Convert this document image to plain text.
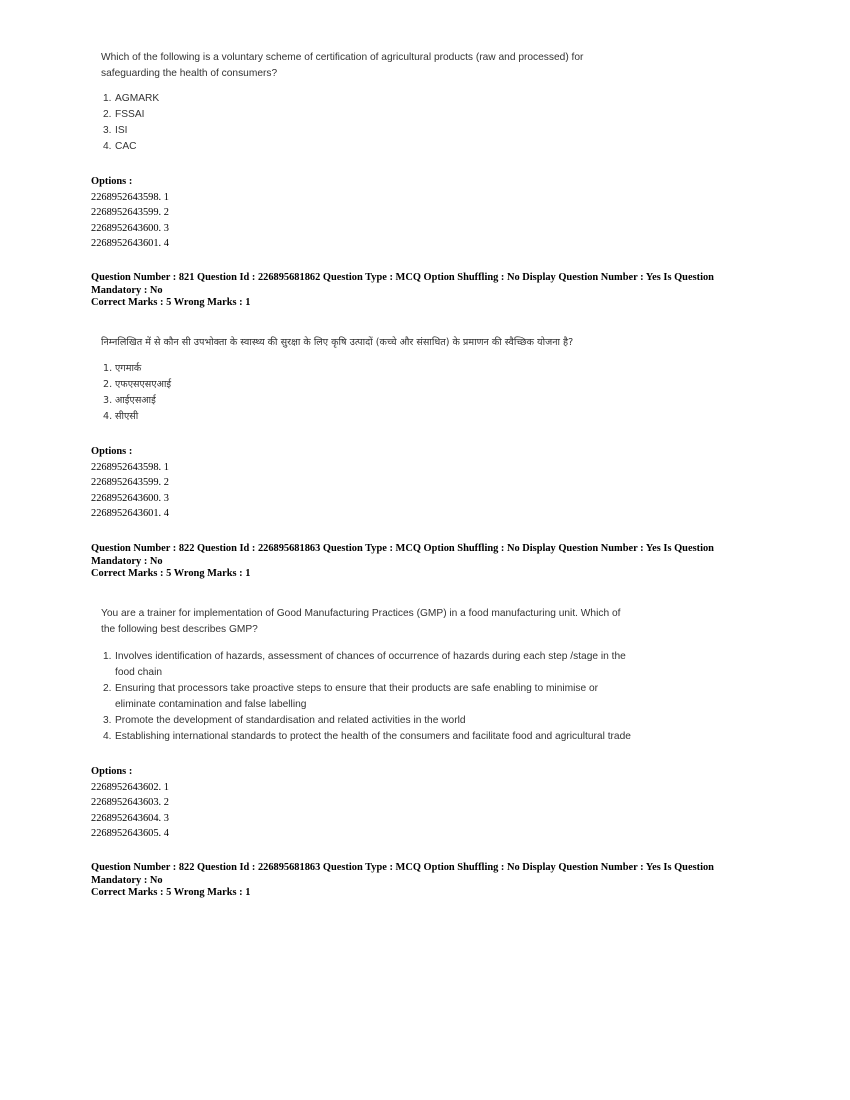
Which of the following is a voluntary scheme of certification of agricultural products (raw and processed) for
safeguarding the health of consumers?
1. AGMARK
2. FSSAI
3. ISI
4. CAC
Options :
2268952643598. 1
2268952643599. 2
2268952643600. 3
2268952643601. 4
Question Number : 821 Question Id : 226895681862 Question Type : MCQ Option Shuffling : No Display Question Number : Yes Is Question
Mandatory : No
Correct Marks : 5 Wrong Marks : 1
निम्नलिखित में से कौन सी उपभोक्ता के स्वास्थ्य की सुरक्षा के लिए कृषि उत्पादों (कच्चे और संसाधित) के प्रमाणन की स्वैच्छिक योजना है?
1. एगमार्क
2. एफएसएसएआई
3. आईएसआई
4. सीएसी
Options :
2268952643598. 1
2268952643599. 2
2268952643600. 3
2268952643601. 4
Question Number : 822 Question Id : 226895681863 Question Type : MCQ Option Shuffling : No Display Question Number : Yes Is Question
Mandatory : No
Correct Marks : 5 Wrong Marks : 1
You are a trainer for implementation of Good Manufacturing Practices (GMP) in a food manufacturing unit. Which of
the following best describes GMP?
1. Involves identification of hazards, assessment of chances of occurrence of hazards during each step /stage in the
food chain
2. Ensuring that processors take proactive steps to ensure that their products are safe enabling to minimise or
eliminate contamination and false labelling
3. Promote the development of standardisation and related activities in the world
4. Establishing international standards to protect the health of the consumers and facilitate food and agricultural trade
Options :
2268952643602. 1
2268952643603. 2
2268952643604. 3
2268952643605. 4
Question Number : 822 Question Id : 226895681863 Question Type : MCQ Option Shuffling : No Display Question Number : Yes Is Question
Mandatory : No
Correct Marks : 5 Wrong Marks : 1
